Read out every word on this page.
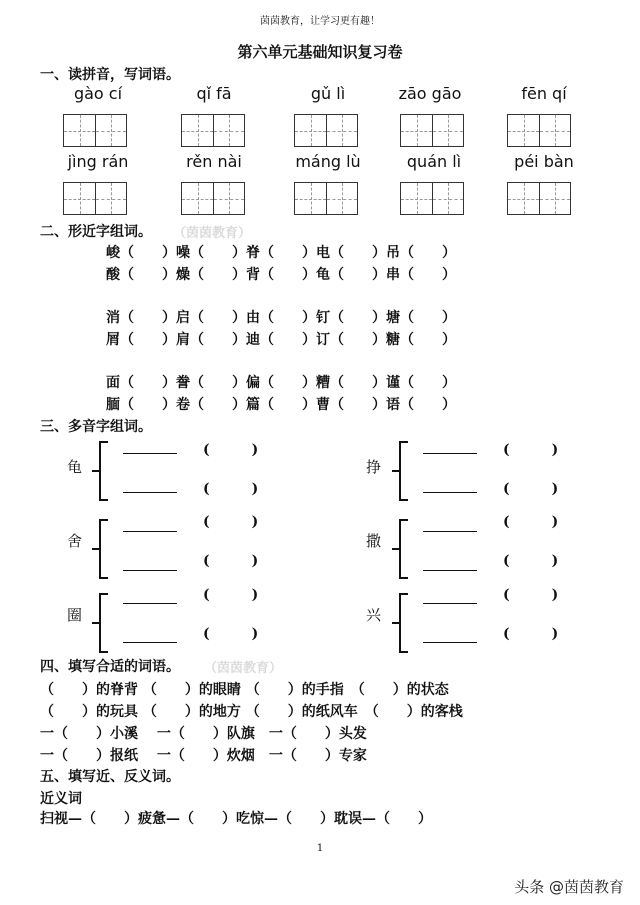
茵茵教育，让学习更有趣！
第六单元基础知识复习卷
一、读拼音，写词语。
gào cí	qǐ fā	gǔ lì	zāo gāo	fēn qí
jìng rán	rěn nài	máng lù	quán lì	péi bàn
二、形近字组词。 （茵茵教育）
峻（　　）噪（　　）脊（　　）电（　　）吊（　　）
酸（　　）燥（　　）背（　　）龟（　　）串（　　）
消（　　）启（　　）由（　　）钉（　　）塘（　　）
屑（　　）肩（　　）迪（　　）订（　　）糖（　　）
面（　　）誊（　　）偏（　　）糟（　　）谨（　　）
腼（　　）卷（　　）篇（　　）曹（　　）语（　　）
三、多音字组词。
龟
(　　　)
(　　　)
舍
(　　　)
(　　　)
圈
(　　　)
(　　　)
挣
(　　　)
(　　　)
撒
(　　　)
(　　　)
兴
(　　　)
(　　　)
四、填写合适的词语。 （茵茵教育）
（　　）的脊背 （　　）的眼睛 （　　）的手指　（　　）的状态
（　　）的玩具 （　　）的地方 （　　）的纸风车　（　　）的客栈
一（　　）小溪　 一（　　）队旗　一（　　）头发
一（　　）报纸　 一（　　）炊烟　一（　　）专家
五、填写近、反义词。
近义词
扫视—（　　）疲惫—（　　）吃惊—（　　）耽误—（　　）
1
头条 @茵茵教育
